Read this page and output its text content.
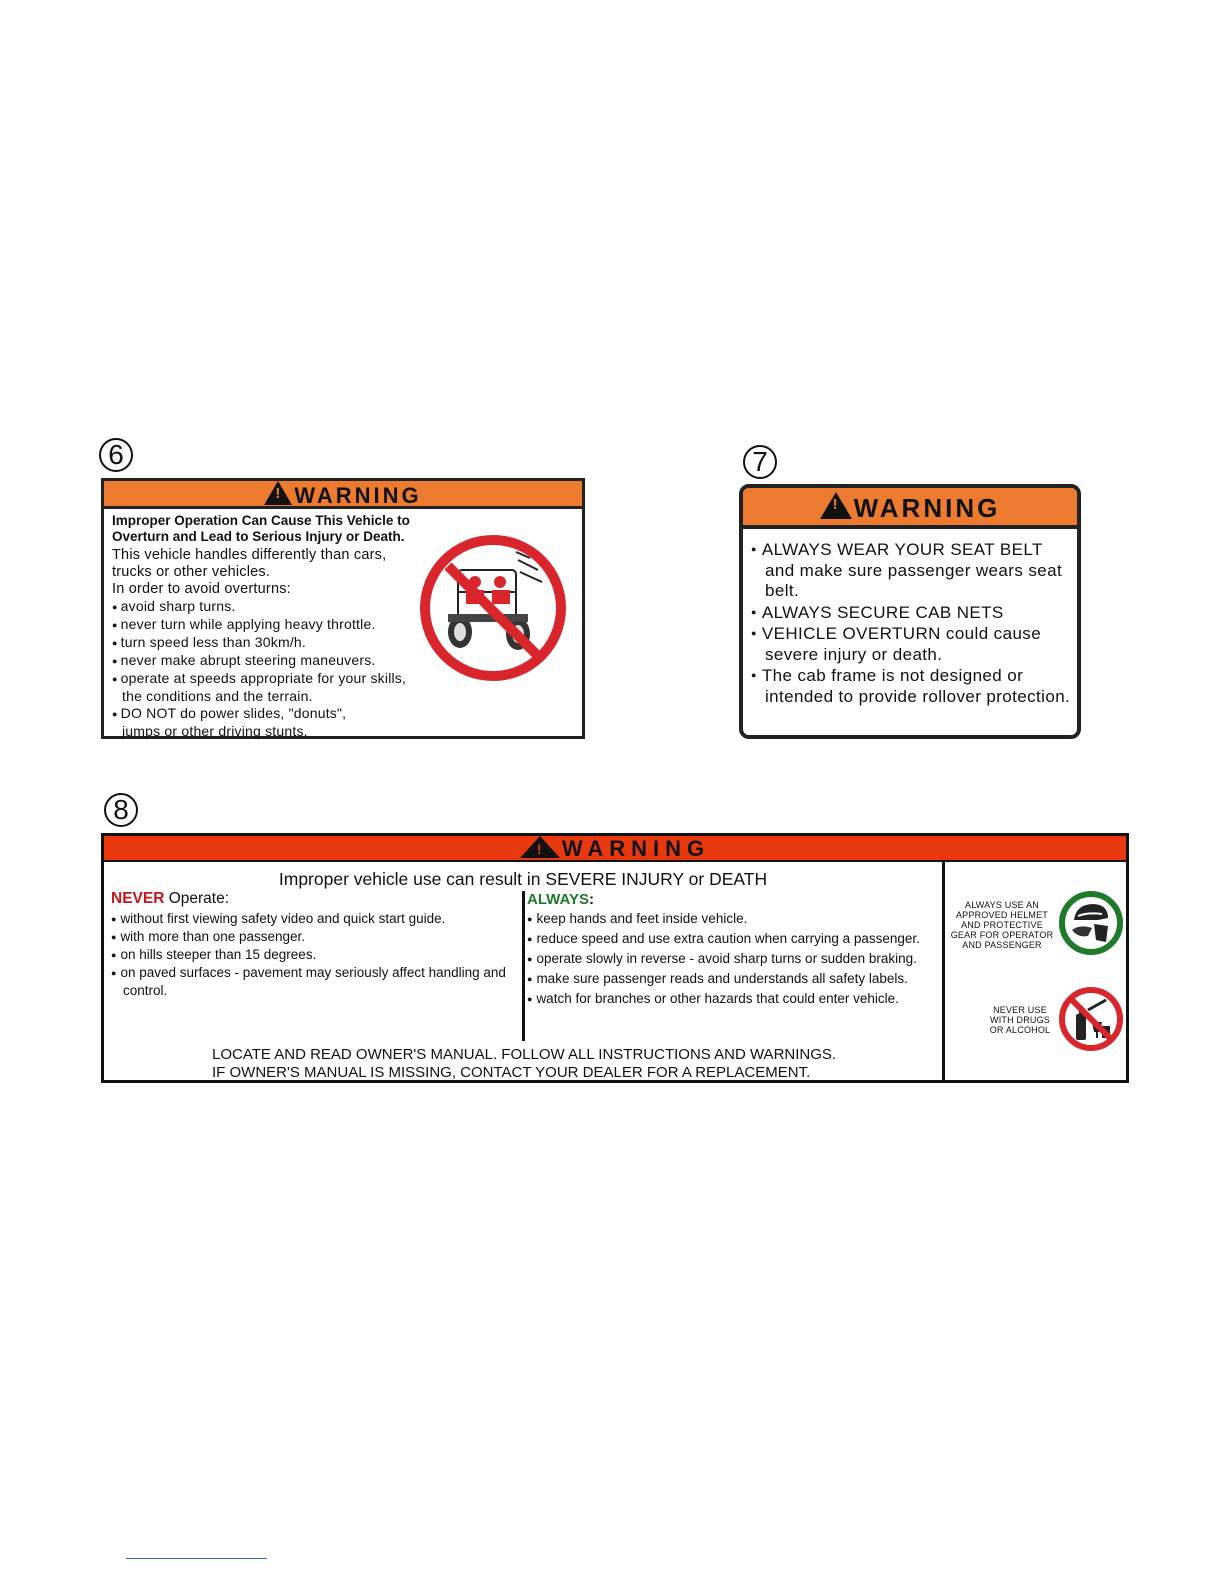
6
!WARNING
Improper Operation Can Cause This Vehicle to
Overturn and Lead to Serious Injury or Death.
This vehicle handles differently than cars,
trucks or other vehicles.
In order to avoid overturns:
● avoid sharp turns.
● never turn while applying heavy throttle.
● turn speed less than 30km/h.
● never make abrupt steering maneuvers.
● operate at speeds appropriate for your skills, the conditions and the terrain.
● DO NOT do power slides, "donuts", jumps or other driving stunts.
7
!WARNING
● ALWAYS WEAR YOUR SEAT BELT and make sure passenger wears seat belt.
● ALWAYS SECURE CAB NETS
● VEHICLE OVERTURN could cause severe injury or death.
● The cab frame is not designed or intended to provide rollover protection.
8
!WARNING
Improper vehicle use can result in SEVERE INJURY or DEATH
NEVER Operate:
● without first viewing safety video and quick start guide.
● with more than one passenger.
● on hills steeper than 15 degrees.
● on paved surfaces - pavement may seriously affect handling and control.
ALWAYS:
● keep hands and feet inside vehicle.
● reduce speed and use extra caution when carrying a passenger.
● operate slowly in reverse - avoid sharp turns or sudden braking.
● make sure passenger reads and understands all safety labels.
● watch for branches or other hazards that could enter vehicle.
LOCATE AND READ OWNER'S MANUAL. FOLLOW ALL INSTRUCTIONS AND WARNINGS.
IF OWNER'S MANUAL IS MISSING, CONTACT YOUR DEALER FOR A REPLACEMENT.
ALWAYS USE AN
APPROVED HELMET
AND PROTECTIVE
GEAR FOR OPERATOR
AND PASSENGER
NEVER USE
WITH DRUGS
OR ALCOHOL
